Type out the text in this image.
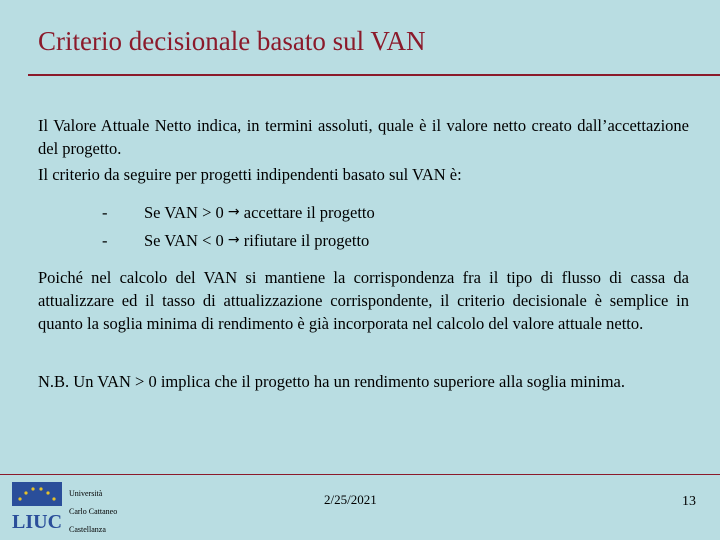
Criterio decisionale basato sul VAN

Il Valore Attuale Netto indica, in termini assoluti, quale è il valore netto creato dall’accettazione del progetto.

Il criterio da seguire per progetti indipendenti basato sul VAN è:

-	Se VAN > 0
→
accettare il progetto
-	Se VAN < 0
→
rifiutare il progetto

Poiché nel calcolo del VAN si mantiene la corrispondenza fra il tipo di flusso di cassa da attualizzare ed il tasso di attualizzazione corrispondente, il criterio decisionale è semplice in quanto la soglia minima di rendimento è già incorporata nel calcolo del valore attuale netto.

N.B. Un VAN > 0 implica che il progetto ha un rendimento superiore alla soglia minima.

LIUC
Università
Carlo Cattaneo
Castellanza
2/25/2021	13
